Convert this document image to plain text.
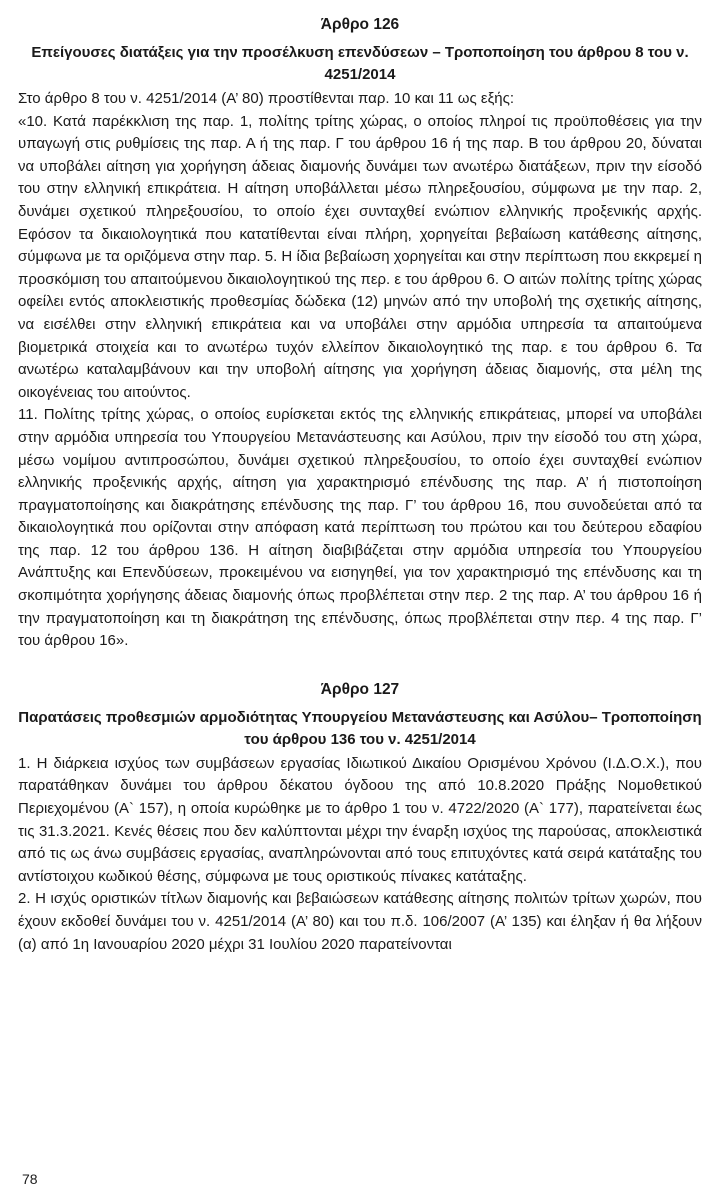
Άρθρο 126
Επείγουσες διατάξεις για την προσέλκυση επενδύσεων – Τροποποίηση του άρθρου 8 του ν. 4251/2014

Στο άρθρο 8 του ν. 4251/2014 (Α’ 80) προστίθενται παρ. 10 και 11 ως εξής:

«10. Κατά παρέκκλιση της παρ. 1, πολίτης τρίτης χώρας, ο οποίος πληροί τις προϋποθέσεις για την υπαγωγή στις ρυθμίσεις της παρ. Α ή της παρ. Γ του άρθρου 16 ή της παρ. Β του άρθρου 20, δύναται να υποβάλει αίτηση για χορήγηση άδειας διαμονής δυνάμει των ανωτέρω διατάξεων, πριν την είσοδό του στην ελληνική επικράτεια. Η αίτηση υποβάλλεται μέσω πληρεξουσίου, σύμφωνα με την παρ. 2, δυνάμει σχετικού πληρεξουσίου, το οποίο έχει συνταχθεί ενώπιον ελληνικής προξενικής αρχής. Εφόσον τα δικαιολογητικά που κατατίθενται είναι πλήρη, χορηγείται βεβαίωση κατάθεσης αίτησης, σύμφωνα με τα οριζόμενα στην παρ. 5. Η ίδια βεβαίωση χορηγείται και στην περίπτωση που εκκρεμεί η προσκόμιση του απαιτούμενου δικαιολογητικού της περ. ε του άρθρου 6. Ο αιτών πολίτης τρίτης χώρας οφείλει εντός αποκλειστικής προθεσμίας δώδεκα (12) μηνών από την υποβολή της σχετικής αίτησης, να εισέλθει στην ελληνική επικράτεια και να υποβάλει στην αρμόδια υπηρεσία τα απαιτούμενα βιομετρικά στοιχεία και το ανωτέρω τυχόν ελλείπον δικαιολογητικό της παρ. ε του άρθρου 6. Τα ανωτέρω καταλαμβάνουν και την υποβολή αίτησης για χορήγηση άδειας διαμονής, στα μέλη της οικογένειας του αιτούντος.

11. Πολίτης τρίτης χώρας, ο οποίος ευρίσκεται εκτός της ελληνικής επικράτειας, μπορεί να υποβάλει στην αρμόδια υπηρεσία του Υπουργείου Μετανάστευσης και Ασύλου, πριν την είσοδό του στη χώρα, μέσω νομίμου αντιπροσώπου, δυνάμει σχετικού πληρεξουσίου, το οποίο έχει συνταχθεί ενώπιον ελληνικής προξενικής αρχής, αίτηση για χαρακτηρισμό επένδυσης της παρ. Α’ ή πιστοποίηση πραγματοποίησης και διακράτησης επένδυσης της παρ. Γ’ του άρθρου 16, που συνοδεύεται από τα δικαιολογητικά που ορίζονται στην απόφαση κατά περίπτωση του πρώτου και του δεύτερου εδαφίου της παρ. 12 του άρθρου 136. Η αίτηση διαβιβάζεται στην αρμόδια υπηρεσία του Υπουργείου Ανάπτυξης και Επενδύσεων, προκειμένου να εισηγηθεί, για τον χαρακτηρισμό της επένδυσης και τη σκοπιμότητα χορήγησης άδειας διαμονής όπως προβλέπεται στην περ. 2 της παρ. Α’ του άρθρου 16 ή την πραγματοποίηση και τη διακράτηση της επένδυσης, όπως προβλέπεται στην περ. 4 της παρ. Γ’ του άρθρου 16».

Άρθρο 127
Παρατάσεις προθεσμιών αρμοδιότητας Υπουργείου Μετανάστευσης και Ασύλου– Τροποποίηση του άρθρου 136 του ν. 4251/2014

1. Η διάρκεια ισχύος των συμβάσεων εργασίας Ιδιωτικού Δικαίου Ορισμένου Χρόνου (Ι.Δ.Ο.Χ.), που παρατάθηκαν δυνάμει του άρθρου δέκατου όγδοου της από 10.8.2020 Πράξης Νομοθετικού Περιεχομένου (Α` 157), η οποία κυρώθηκε με το άρθρο 1 του ν. 4722/2020 (Α` 177), παρατείνεται έως τις 31.3.2021. Κενές θέσεις που δεν καλύπτονται μέχρι την έναρξη ισχύος της παρούσας, αποκλειστικά από τις ως άνω συμβάσεις εργασίας, αναπληρώνονται από τους επιτυχόντες κατά σειρά κατάταξης του αντίστοιχου κωδικού θέσης, σύμφωνα με τους οριστικούς πίνακες κατάταξης.

2. Η ισχύς οριστικών τίτλων διαμονής και βεβαιώσεων κατάθεσης αίτησης πολιτών τρίτων χωρών, που έχουν εκδοθεί δυνάμει του ν. 4251/2014 (Α’ 80) και του π.δ. 106/2007 (Α’ 135) και έληξαν ή θα λήξουν (α) από 1η Ιανουαρίου 2020 μέχρι 31 Ιουλίου 2020 παρατείνονται

78
